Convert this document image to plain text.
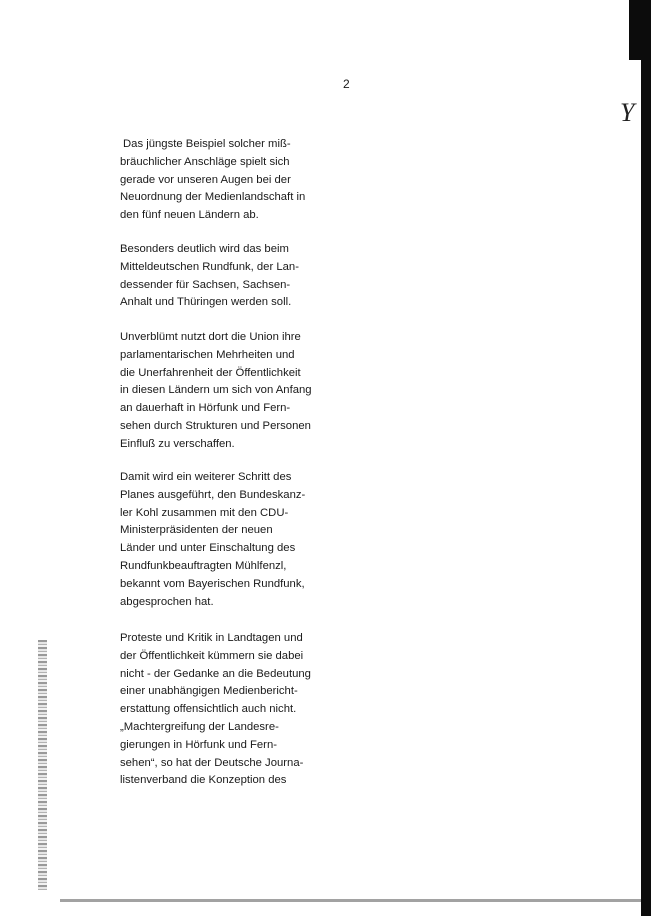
Y
2

Das jüngste Beispiel solcher miß-
bräuchlicher Anschläge spielt sich
gerade vor unseren Augen bei der
Neuordnung der Medienlandschaft in
den fünf neuen Ländern ab.

Besonders deutlich wird das beim
Mitteldeutschen Rundfunk, der Lan-
dessender für Sachsen, Sachsen-
Anhalt und Thüringen werden soll.

Unverblümt nutzt dort die Union ihre
parlamentarischen Mehrheiten und
die Unerfahrenheit der Öffentlichkeit
in diesen Ländern um sich von Anfang
an dauerhaft in Hörfunk und Fern-
sehen durch Strukturen und Personen
Einfluß zu verschaffen.

Damit wird ein weiterer Schritt des
Planes ausgeführt, den Bundeskanz-
ler Kohl zusammen mit den CDU-
Ministerpräsidenten der neuen
Länder und unter Einschaltung des
Rundfunkbeauftragten Mühlfenzl,
bekannt vom Bayerischen Rundfunk,
abgesprochen hat.

Proteste und Kritik in Landtagen und
der Öffentlichkeit kümmern sie dabei
nicht - der Gedanke an die Bedeutung
einer unabhängigen Medienbericht-
erstattung offensichtlich auch nicht.
„Machtergreifung der Landesre-
gierungen in Hörfunk und Fern-
sehen“, so hat der Deutsche Journa-
listenverband die Konzeption des
